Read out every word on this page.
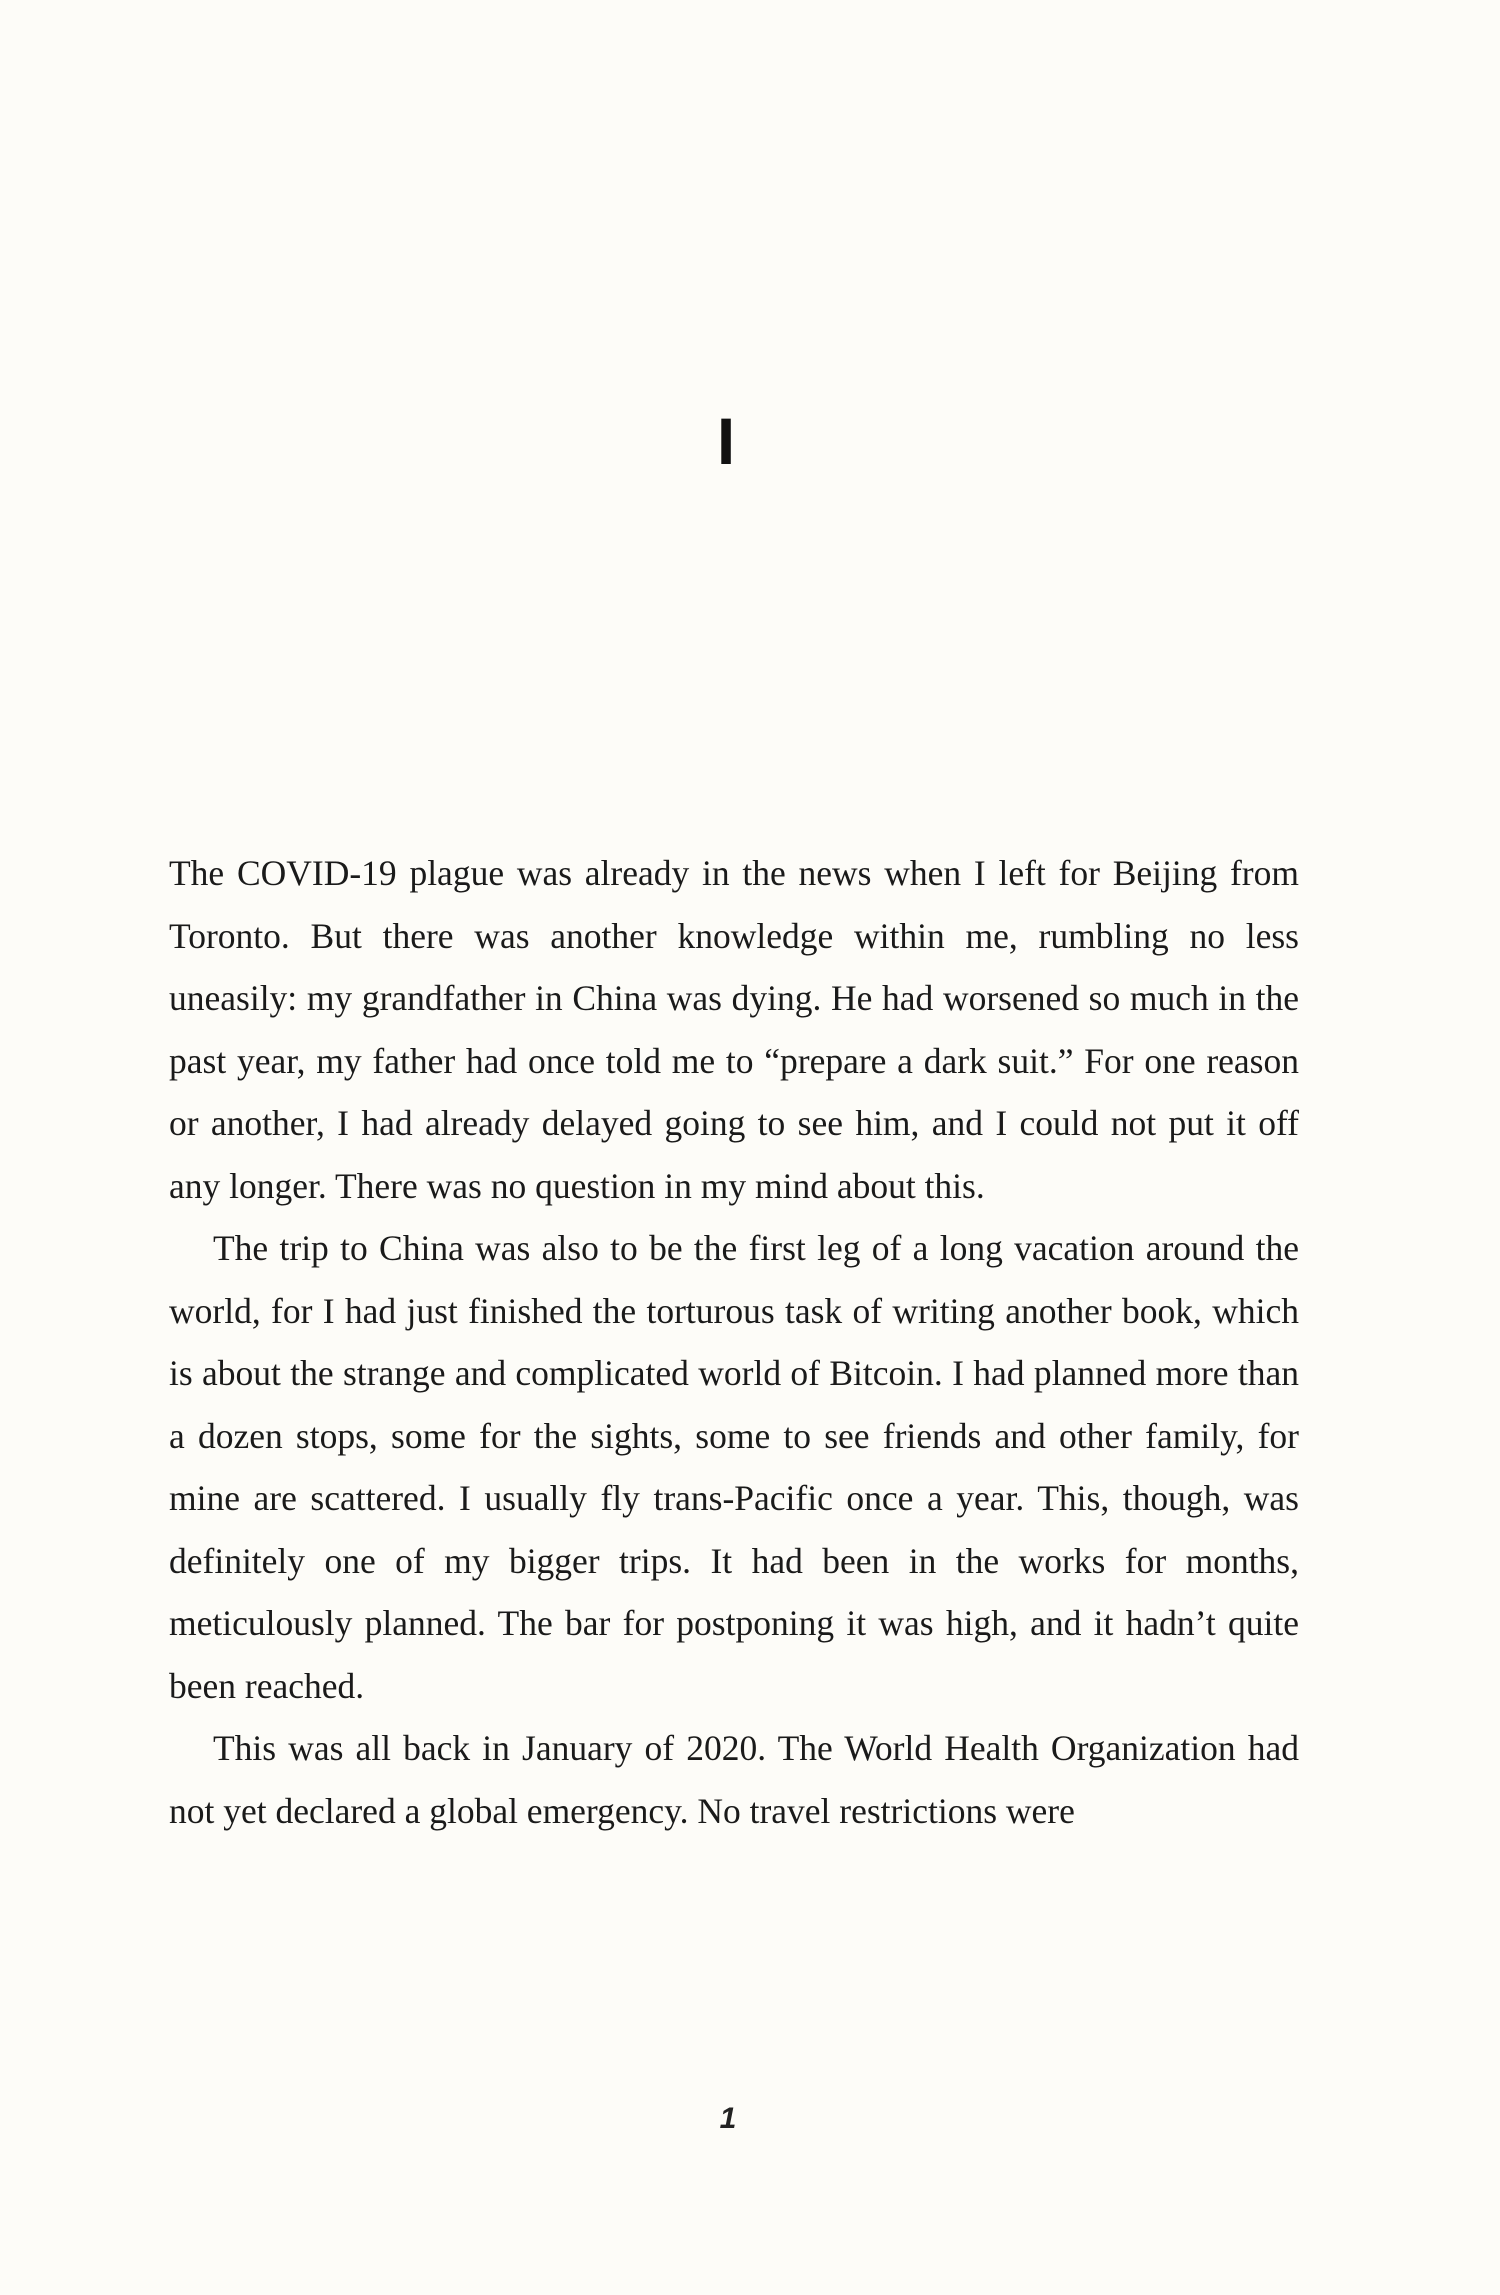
I

The COVID-19 plague was already in the news when I left for Beijing from Toronto. But there was another knowledge within me, rumbling no less uneasily: my grandfather in China was dying. He had worsened so much in the past year, my father had once told me to “prepare a dark suit.” For one reason or another, I had already delayed going to see him, and I could not put it off any longer. There was no question in my mind about this.

The trip to China was also to be the first leg of a long vacation around the world, for I had just finished the torturous task of writing another book, which is about the strange and complicated world of Bitcoin. I had planned more than a dozen stops, some for the sights, some to see friends and other family, for mine are scattered. I usually fly trans-Pacific once a year. This, though, was definitely one of my bigger trips. It had been in the works for months, meticulously planned. The bar for postponing it was high, and it hadn’t quite been reached.

This was all back in January of 2020. The World Health Organization had not yet declared a global emergency. No travel restrictions were

1
